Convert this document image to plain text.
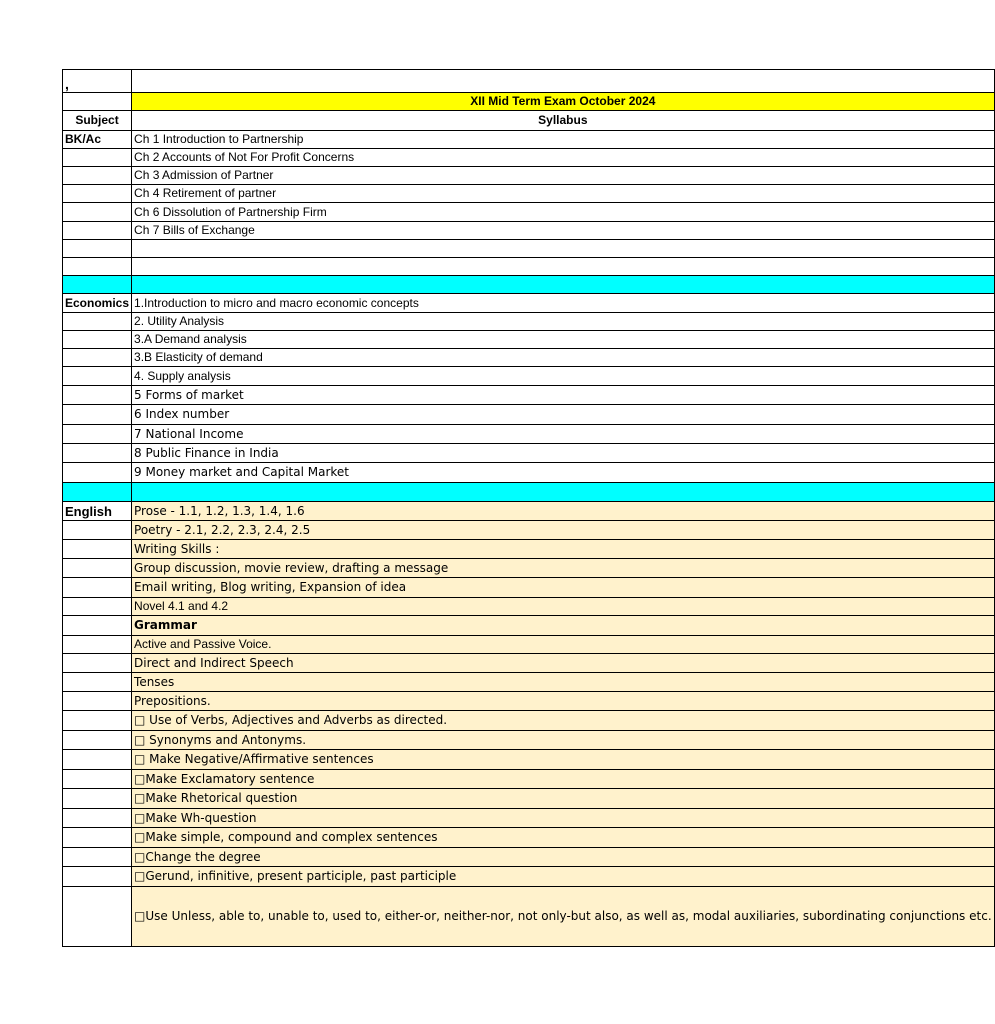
,	
	XII Mid Term Exam October 2024
Subject	Syllabus
BK/Ac	Ch 1 Introduction to Partnership
	Ch 2 Accounts of Not For Profit Concerns
	Ch 3 Admission of Partner
	Ch 4 Retirement of partner
	Ch 6 Dissolution of Partnership Firm
	Ch 7 Bills of Exchange

Economics	1.Introduction to micro and macro economic concepts
	2. Utility Analysis
	3.A Demand analysis
	3.B Elasticity of demand
	4. Supply analysis
	5 Forms of market
	6 Index number
	7 National Income
	8 Public Finance in India
	9 Money market and Capital Market

English	Prose - 1.1, 1.2, 1.3, 1.4, 1.6
	Poetry - 2.1, 2.2, 2.3, 2.4, 2.5
	Writing Skills :
	Group discussion, movie review, drafting a message
	Email writing, Blog writing, Expansion of idea
	Novel 4.1 and 4.2
	Grammar
	Active and Passive Voice.
	Direct and Indirect Speech
	Tenses
	Prepositions.
	□ Use of Verbs, Adjectives and Adverbs as directed.
	□ Synonyms and Antonyms.
	□ Make Negative/Affirmative sentences
	□Make Exclamatory sentence
	□Make Rhetorical question
	□Make Wh-question
	□Make simple, compound and complex sentences
	□Change the degree
	□Gerund, infinitive, present participle, past participle
	□Use Unless, able to, unable to, used to, either-or, neither-nor, not only-but also, as well as, modal auxiliaries, subordinating conjunctions etc.
